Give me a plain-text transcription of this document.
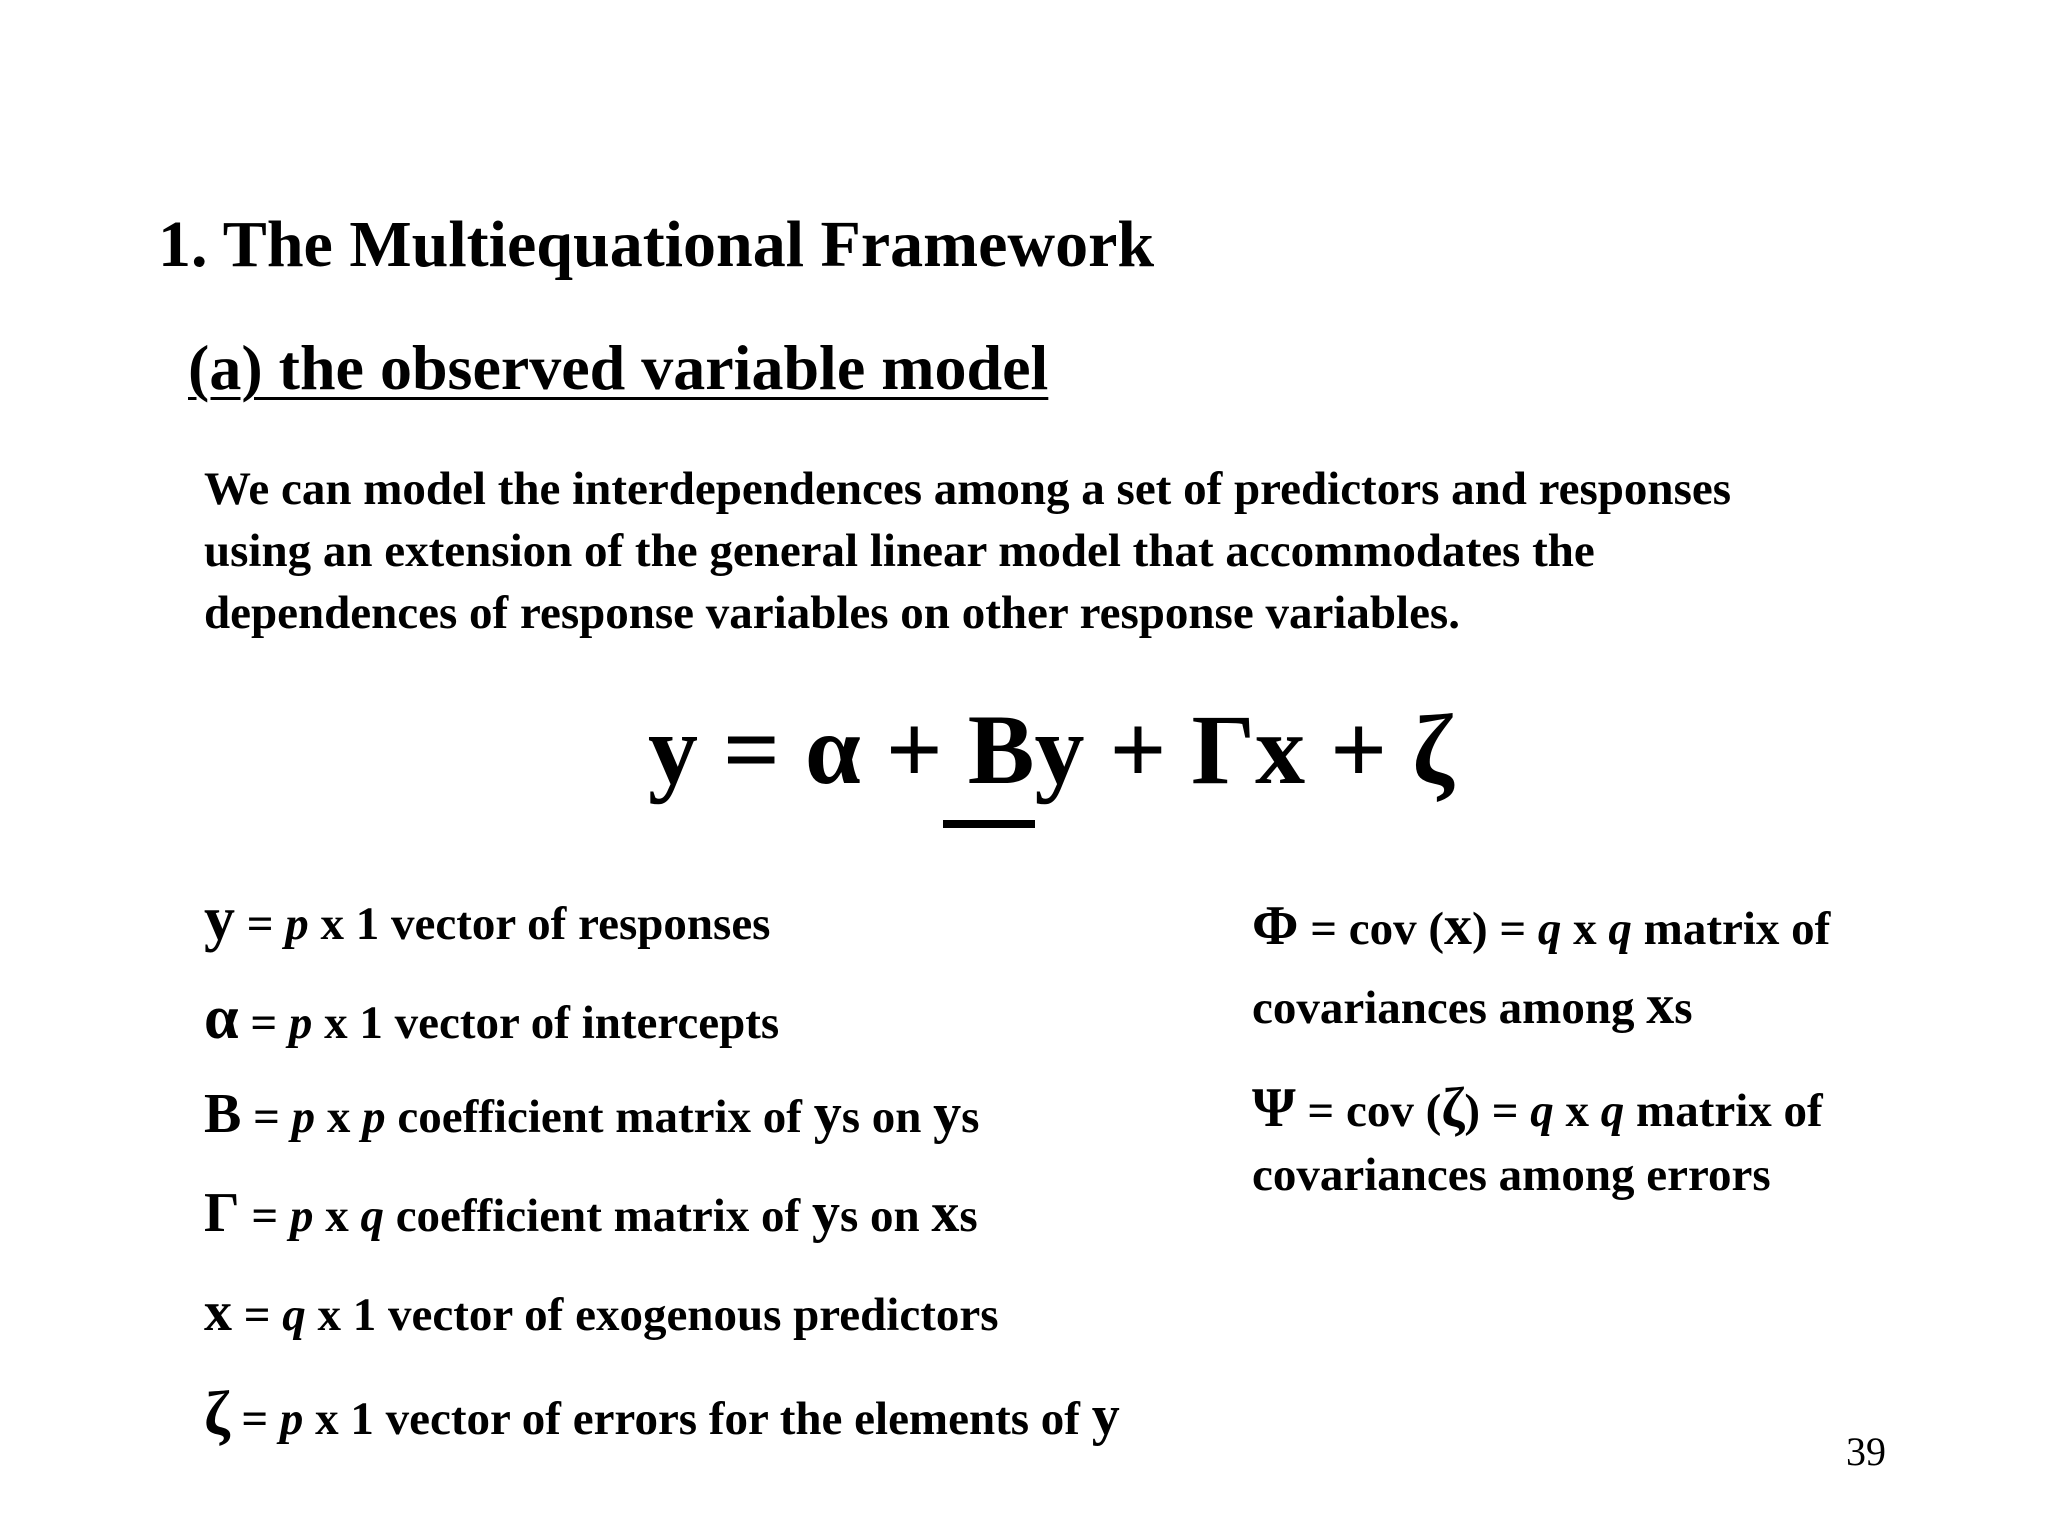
1. The Multiequational Framework
(a) the observed variable model
We can model the interdependences among a set of predictors and responses
using an extension of the general linear model that accommodates the
dependences of response variables on other response variables.
y = α + By + Γx + ζ
y = p x 1 vector of responses
α = p x 1 vector of intercepts
B = p x p coefficient matrix of y s on y s
Γ = p x q coefficient matrix of y s on x s
x = q x 1 vector of exogenous predictors
ζ = p x 1 vector of errors for the elements of y
Φ = cov (x) = q x q matrix of
covariances among xs
Ψ = cov (ζ) = q x q matrix of
covariances among errors
39
